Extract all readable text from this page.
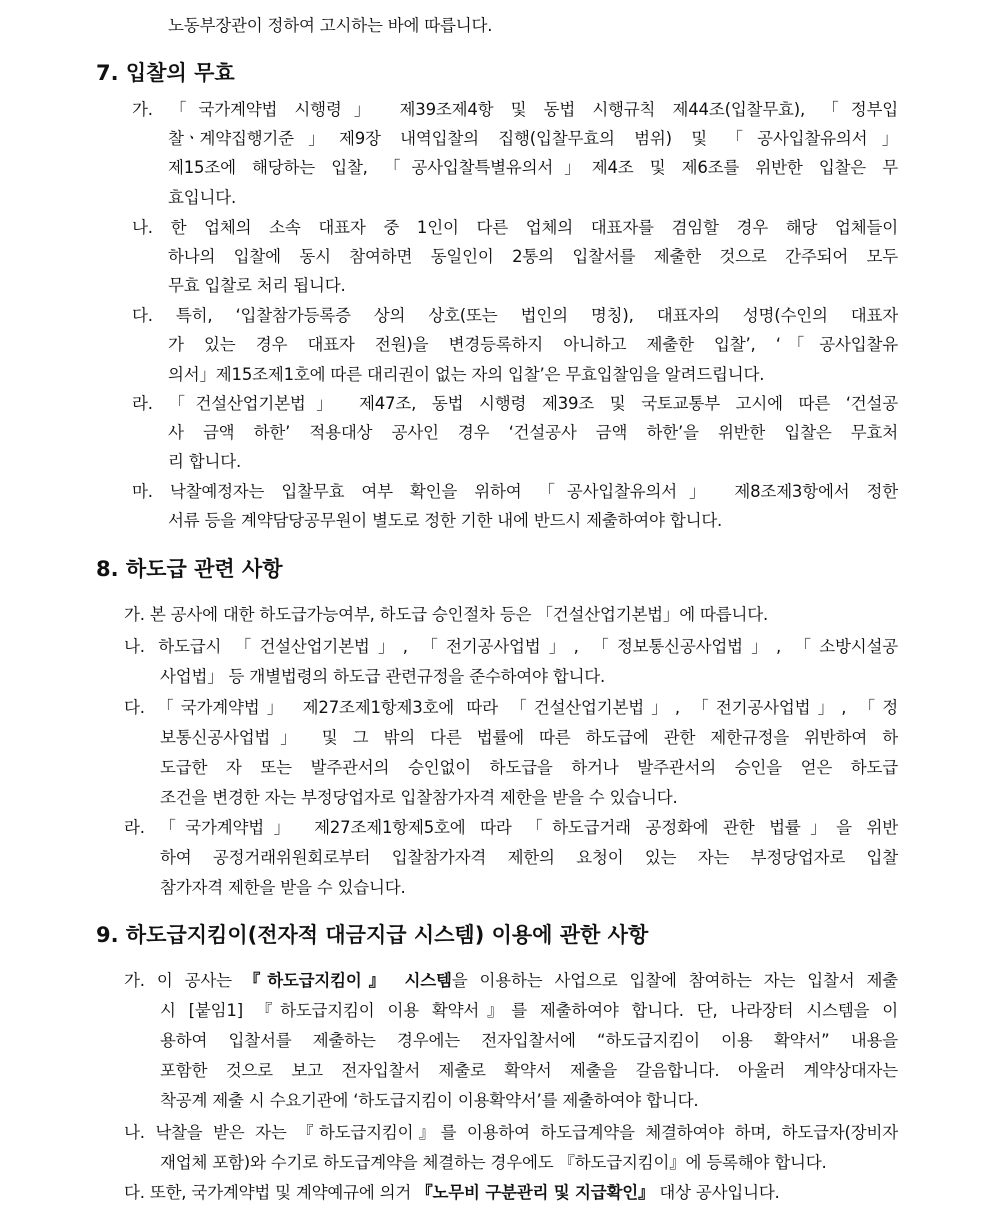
노동부장관이 정하여 고시하는 바에 따릅니다.
7. 입찰의 무효
가. 「국가계약법 시행령」 제39조제4항 및 동법 시행규칙 제44조(입찰무효), 「정부입
찰ㆍ계약집행기준」제9장 내역입찰의 집행(입찰무효의 범위) 및 「공사입찰유의서」
제15조에 해당하는 입찰, 「공사입찰특별유의서」제4조 및 제6조를 위반한 입찰은 무
효입니다.
나. 한 업체의 소속 대표자 중 1인이 다른 업체의 대표자를 겸임할 경우 해당 업체들이
하나의 입찰에 동시 참여하면 동일인이 2통의 입찰서를 제출한 것으로 간주되어 모두
무효 입찰로 처리 됩니다.
다. 특히, ‘입찰참가등록증 상의 상호(또는 법인의 명칭), 대표자의 성명(수인의 대표자
가 있는 경우 대표자 전원)을 변경등록하지 아니하고 제출한 입찰’, ‘「공사입찰유
의서」제15조제1호에 따른 대리권이 없는 자의 입찰’은 무효입찰임을 알려드립니다.
라. 「건설산업기본법」 제47조, 동법 시행령 제39조 및 국토교통부 고시에 따른 ‘건설공
사 금액 하한’ 적용대상 공사인 경우 ‘건설공사 금액 하한’을 위반한 입찰은 무효처
리 합니다.
마. 낙찰예정자는 입찰무효 여부 확인을 위하여 「공사입찰유의서」 제8조제3항에서 정한
서류 등을 계약담당공무원이 별도로 정한 기한 내에 반드시 제출하여야 합니다.
8. 하도급 관련 사항
가. 본 공사에 대한 하도급가능여부, 하도급 승인절차 등은 「건설산업기본법」에 따릅니다.
나. 하도급시 「건설산업기본법」, 「전기공사업법」, 「정보통신공사업법」, 「소방시설공
사업법」 등 개별법령의 하도급 관련규정을 준수하여야 합니다.
다. 「국가계약법」 제27조제1항제3호에 따라 「건설산업기본법」, 「전기공사업법」, 「정
보통신공사업법」 및 그 밖의 다른 법률에 따른 하도급에 관한 제한규정을 위반하여 하
도급한 자 또는 발주관서의 승인없이 하도급을 하거나 발주관서의 승인을 얻은 하도급
조건을 변경한 자는 부정당업자로 입찰참가자격 제한을 받을 수 있습니다.
라. 「국가계약법」 제27조제1항제5호에 따라 「하도급거래 공정화에 관한 법률」을 위반
하여 공정거래위원회로부터 입찰참가자격 제한의 요청이 있는 자는 부정당업자로 입찰
참가자격 제한을 받을 수 있습니다.
9. 하도급지킴이(전자적 대금지급 시스템) 이용에 관한 사항
가. 이 공사는 『하도급지킴이』 시스템을 이용하는 사업으로 입찰에 참여하는 자는 입찰서 제출
시 [붙임1] 『하도급지킴이 이용 확약서』를 제출하여야 합니다. 단, 나라장터 시스템을 이
용하여 입찰서를 제출하는 경우에는 전자입찰서에 “하도급지킴이 이용 확약서” 내용을
포함한 것으로 보고 전자입찰서 제출로 확약서 제출을 갈음합니다. 아울러 계약상대자는
착공계 제출 시 수요기관에 ‘하도급지킴이 이용확약서’를 제출하여야 합니다.
나. 낙찰을 받은 자는 『하도급지킴이』를 이용하여 하도급계약을 체결하여야 하며, 하도급자(장비자
재업체 포함)와 수기로 하도급계약을 체결하는 경우에도 『하도급지킴이』에 등록해야 합니다.
다. 또한, 국가계약법 및 계약예규에 의거 『노무비 구분관리 및 지급확인』 대상 공사입니다.
